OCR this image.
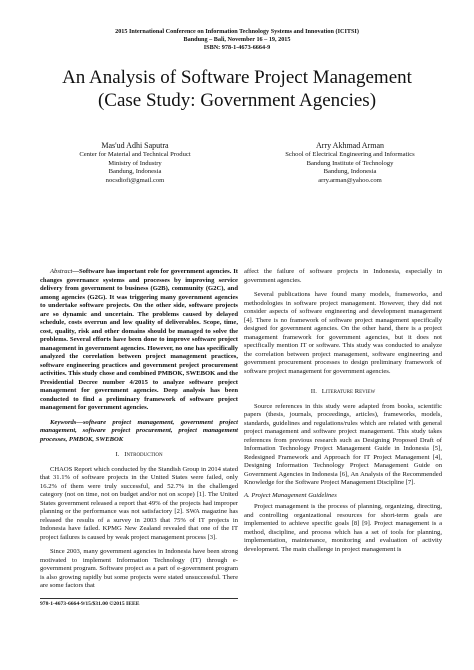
2015 International Conference on Information Technology Systems and Innovation (ICITSI)
Bandung – Bali, November 16 – 19, 2015
ISBN: 978-1-4673-6664-9
An Analysis of Software Project Management
(Case Study: Government Agencies)
Mas'ud Adhi Saputra
Center for Material and Technical Product
Ministry of Industry
Bandung, Indonesia
nocsdiofi@gmail.com
Arry Akhmad Arman
School of Electrical Engineering and Informatics
Bandung Institute of Technology
Bandung, Indonesia
arry.arman@yahoo.com

Abstract—Software has important role for government agencies. It changes governance systems and processes by improving service delivery from government to business (G2B), community (G2C), and among agencies (G2G). It was triggering many government agencies to undertake software projects. On the other side, software projects are so dynamic and uncertain. The problems caused by delayed schedule, costs overrun and low quality of deliverables. Scope, time, cost, quality, risk and other domains should be managed to solve the problems. Several efforts have been done to improve software project management in government agencies. However, no one has specifically analyzed the correlation between project management practices, software engineering practices and government project procurement activities. This study chose and combined PMBOK, SWEBOK and the Presidential Decree number 4/2015 to analyze software project management for government agencies. Deep analysis has been conducted to find a preliminary framework of software project management for government agencies.

Keywords—software project management, government project management, software project procurement, project management processes, PMBOK, SWEBOK

I. Introduction

CHAOS Report which conducted by the Standish Group in 2014 stated that 31.1% of software projects in the United States were failed, only 16.2% of them were truly successful, and 52.7% in the challenged category (not on time, not on budget and/or not on scope) [1]. The United States government released a report that 49% of the projects had improper planning or the performance was not satisfactory [2]. SWA magazine has released the results of a survey in 2003 that 75% of IT projects in Indonesia have failed. KPMG New Zealand revealed that one of the IT project failures is caused by weak project management process [3].

Since 2003, many government agencies in Indonesia have been strong motivated to implement Information Technology (IT) through e-government program. Software project as a part of e-government program is also growing rapidly but some projects were stated unsuccessful. There are some factors that

affect the failure of software projects in Indonesia, especially in government agencies.

Several publications have found many models, frameworks, and methodologies in software project management. However, they did not consider aspects of software engineering and development management [4]. There is no framework of software project management specifically designed for government agencies. On the other hand, there is a project management framework for government agencies, but it does not specifically mention IT or software. This study was conducted to analyze the correlation between project management, software engineering and government procurement processes to design preliminary framework of software project management for government agencies.

II. Literature Review

Source references in this study were adapted from books, scientific papers (thesis, journals, proceedings, articles), frameworks, models, standards, guidelines and regulations/rules which are related with general project management and software project management. This study takes references from previous research such as Designing Proposed Draft of Information Technology Project Management Guide in Indonesia [5], Redesigned Framework and Approach for IT Project Management [4], Designing Information Technology Project Management Guide on Government Agencies in Indonesia [6], An Analysis of the Recommended Knowledge for the Software Project Management Discipline [7].

A. Project Management Guidelines

Project management is the process of planning, organizing, directing, and controlling organizational resources for short-term goals are implemented to achieve specific goals [8] [9]. Project management is a method, discipline, and process which has a set of tools for planning, implementation, maintenance, monitoring and evaluation of activity development. The main challenge in project management is

978-1-4673-6664-9/15/$31.00 ©2015 IEEE
